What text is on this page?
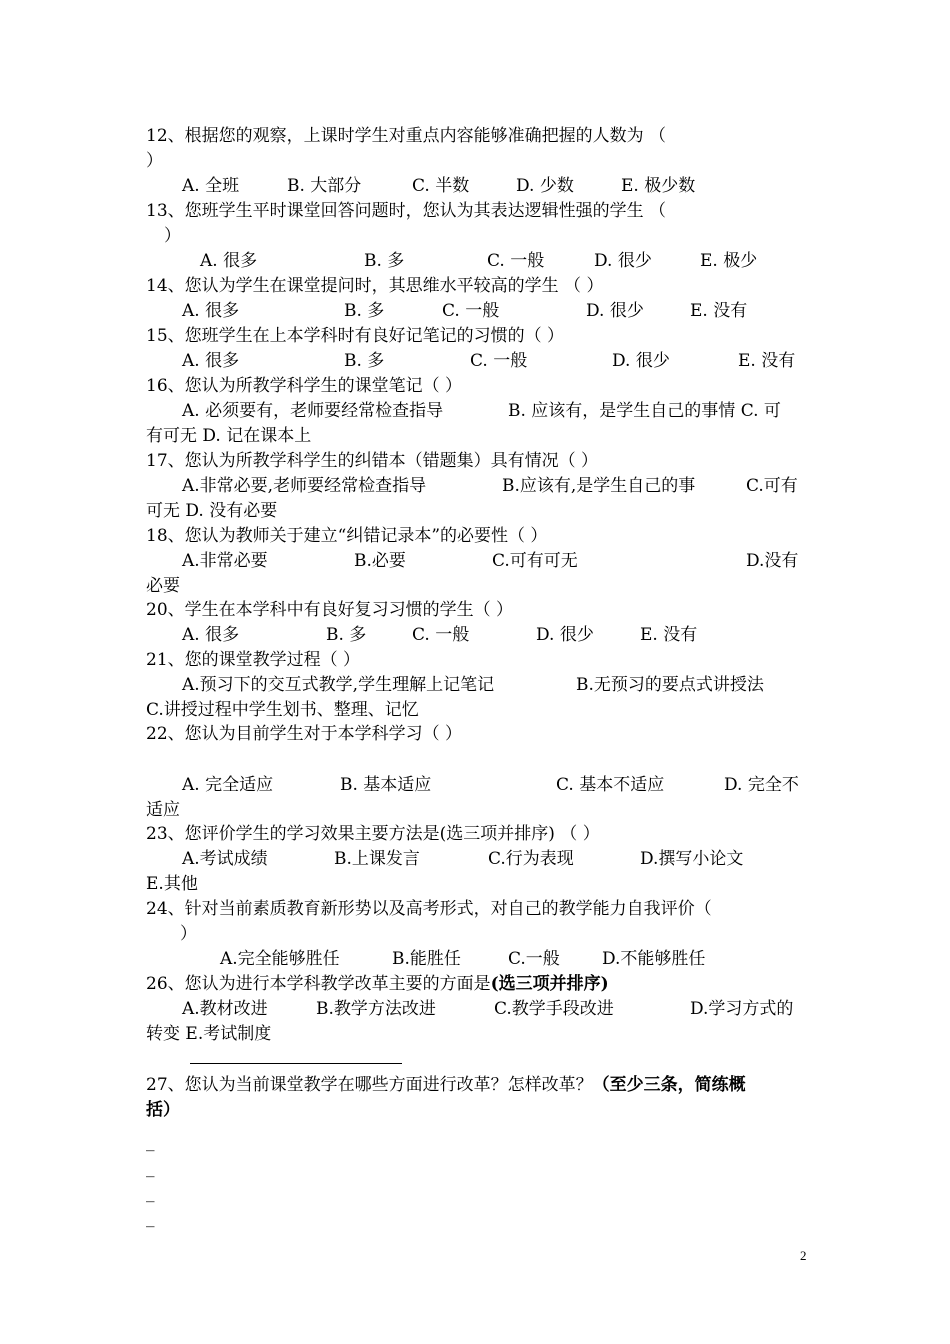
12、根据您的观察，上课时学生对重点内容能够准确把握的人数为 （
）
A. 全班	B. 大部分	C. 半数	D. 少数	E. 极少数
13、您班学生平时课堂回答问题时，您认为其表达逻辑性强的学生 （
）
A. 很多	B. 多	C. 一般	D. 很少	E. 极少
14、您认为学生在课堂提问时，其思维水平较高的学生 （ ）
A. 很多	B. 多	C. 一般	D. 很少	E. 没有
15、您班学生在上本学科时有良好记笔记的习惯的（ ）
A. 很多	B. 多	C. 一般	D. 很少	E. 没有
16、您认为所教学科学生的课堂笔记（ ）
A. 必须要有，老师要经常检查指导	B. 应该有，是学生自己的事情 C. 可
有可无 D. 记在课本上
17、您认为所教学科学生的纠错本（错题集）具有情况（ ）
A.非常必要,老师要经常检查指导	B.应该有,是学生自己的事	C.可有
可无 D. 没有必要
18、您认为教师关于建立“纠错记录本”的必要性（ ）
A.非常必要	B.必要	C.可有可无	D.没有
必要
20、学生在本学科中有良好复习习惯的学生（ ）
A. 很多	B. 多	C. 一般	D. 很少	E. 没有
21、您的课堂教学过程（ ）
A.预习下的交互式教学,学生理解上记笔记	B.无预习的要点式讲授法
C.讲授过程中学生划书、整理、记忆
22、您认为目前学生对于本学科学习（ ）
A. 完全适应	B. 基本适应	C. 基本不适应	D. 完全不
适应
23、您评价学生的学习效果主要方法是(选三项并排序) （ ）
A.考试成绩	B.上课发言	C.行为表现	D.撰写小论文
E.其他
24、针对当前素质教育新形势以及高考形式，对自己的教学能力自我评价（
）
A.完全能够胜任	B.能胜任	C.一般 D.不能够胜任
26、您认为进行本学科教学改革主要的方面是(选三项并排序)
A.教材改进	B.教学方法改进	C.教学手段改进	D.学习方式的
转变 E.考试制度
27、您认为当前课堂教学在哪些方面进行改革？怎样改革？（至少三条，简练概
括）
_
_
_
_
2
